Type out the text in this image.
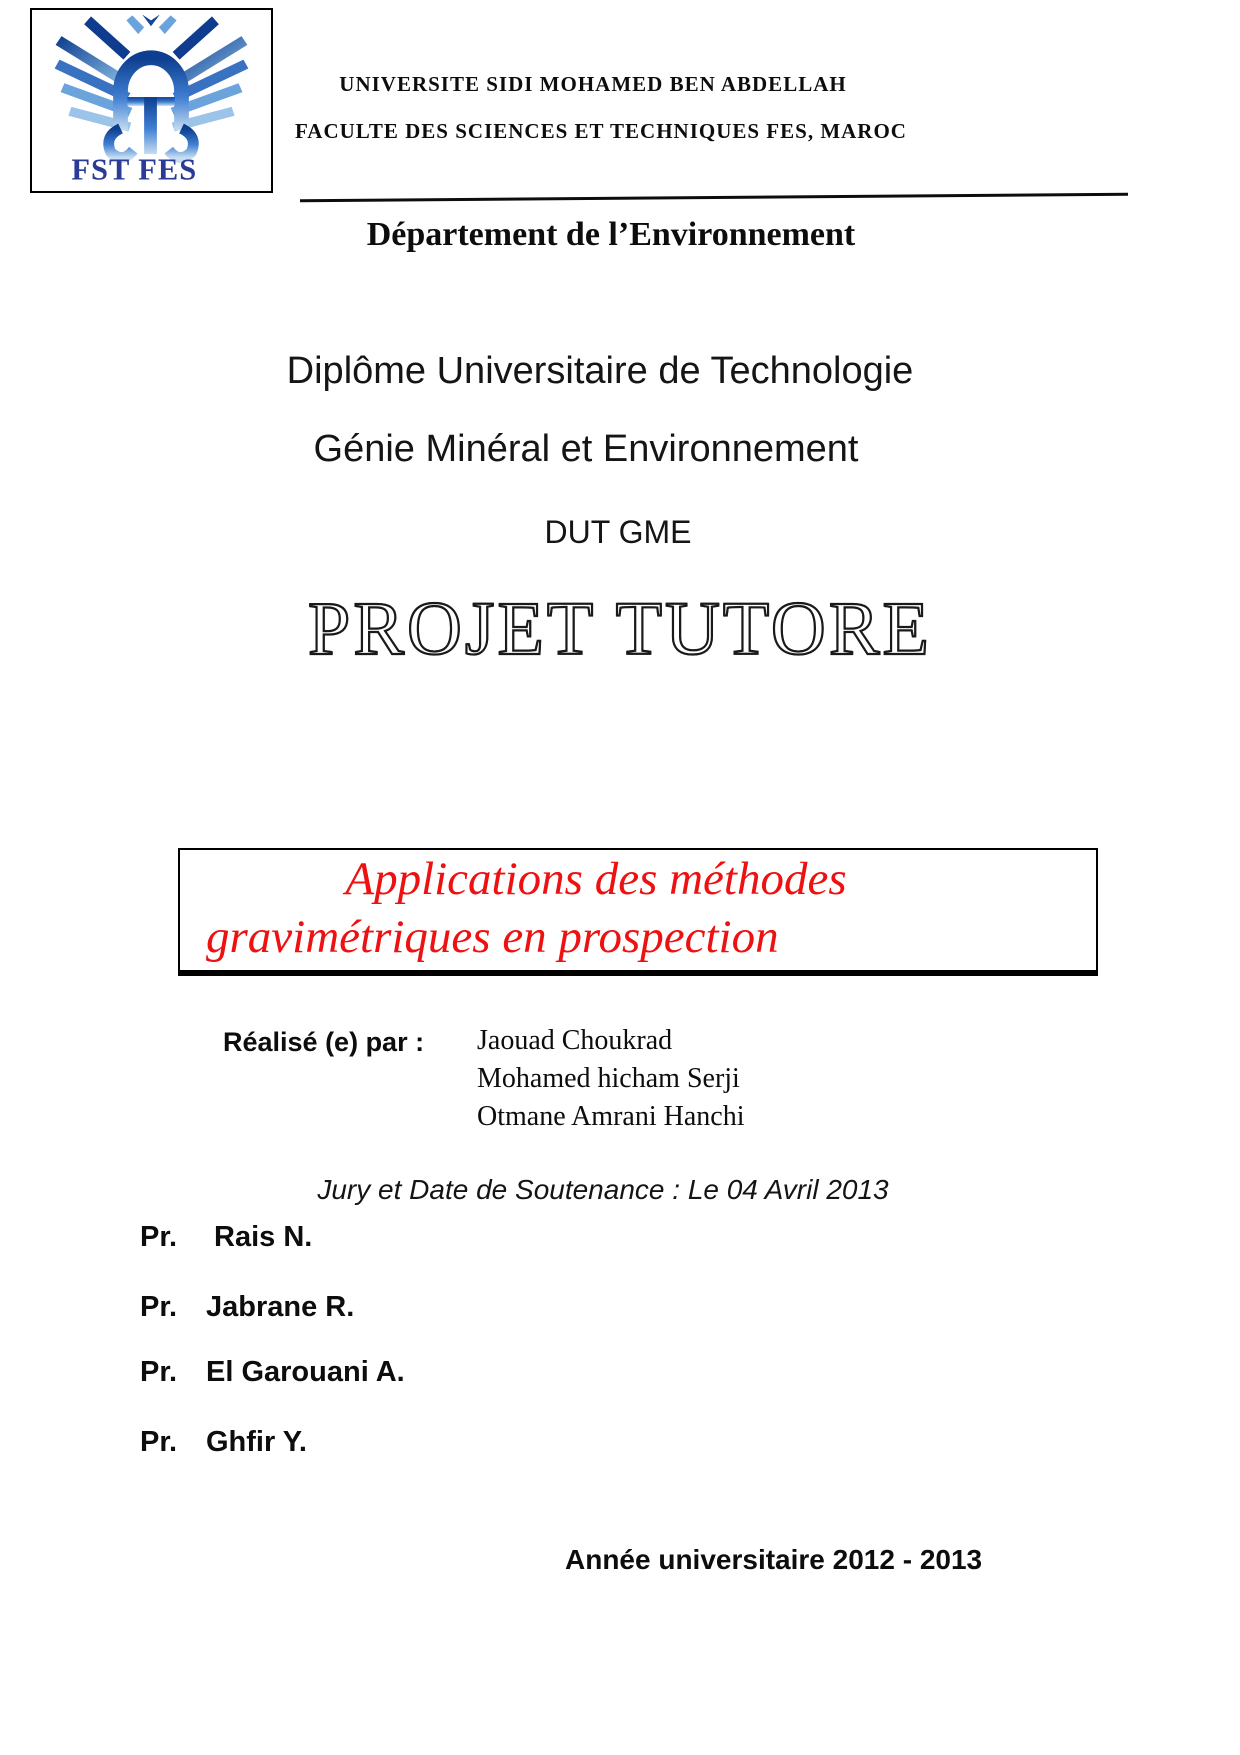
FST FES
UNIVERSITE SIDI MOHAMED BEN ABDELLAH
FACULTE DES SCIENCES ET TECHNIQUES FES, MAROC
Département de l’Environnement
Diplôme Universitaire de Technologie
Génie Minéral et Environnement
DUT GME
PROJET TUTORE
Applications des méthodes
gravimétriques en prospection
Réalisé (e) par : Jaouad Choukrad
Mohamed hicham Serji
Otmane Amrani Hanchi
Jury et Date de Soutenance : Le 04 Avril 2013
Pr. Rais N.
Pr. Jabrane R.
Pr. El Garouani A.
Pr. Ghfir Y.
Année universitaire 2012 - 2013
